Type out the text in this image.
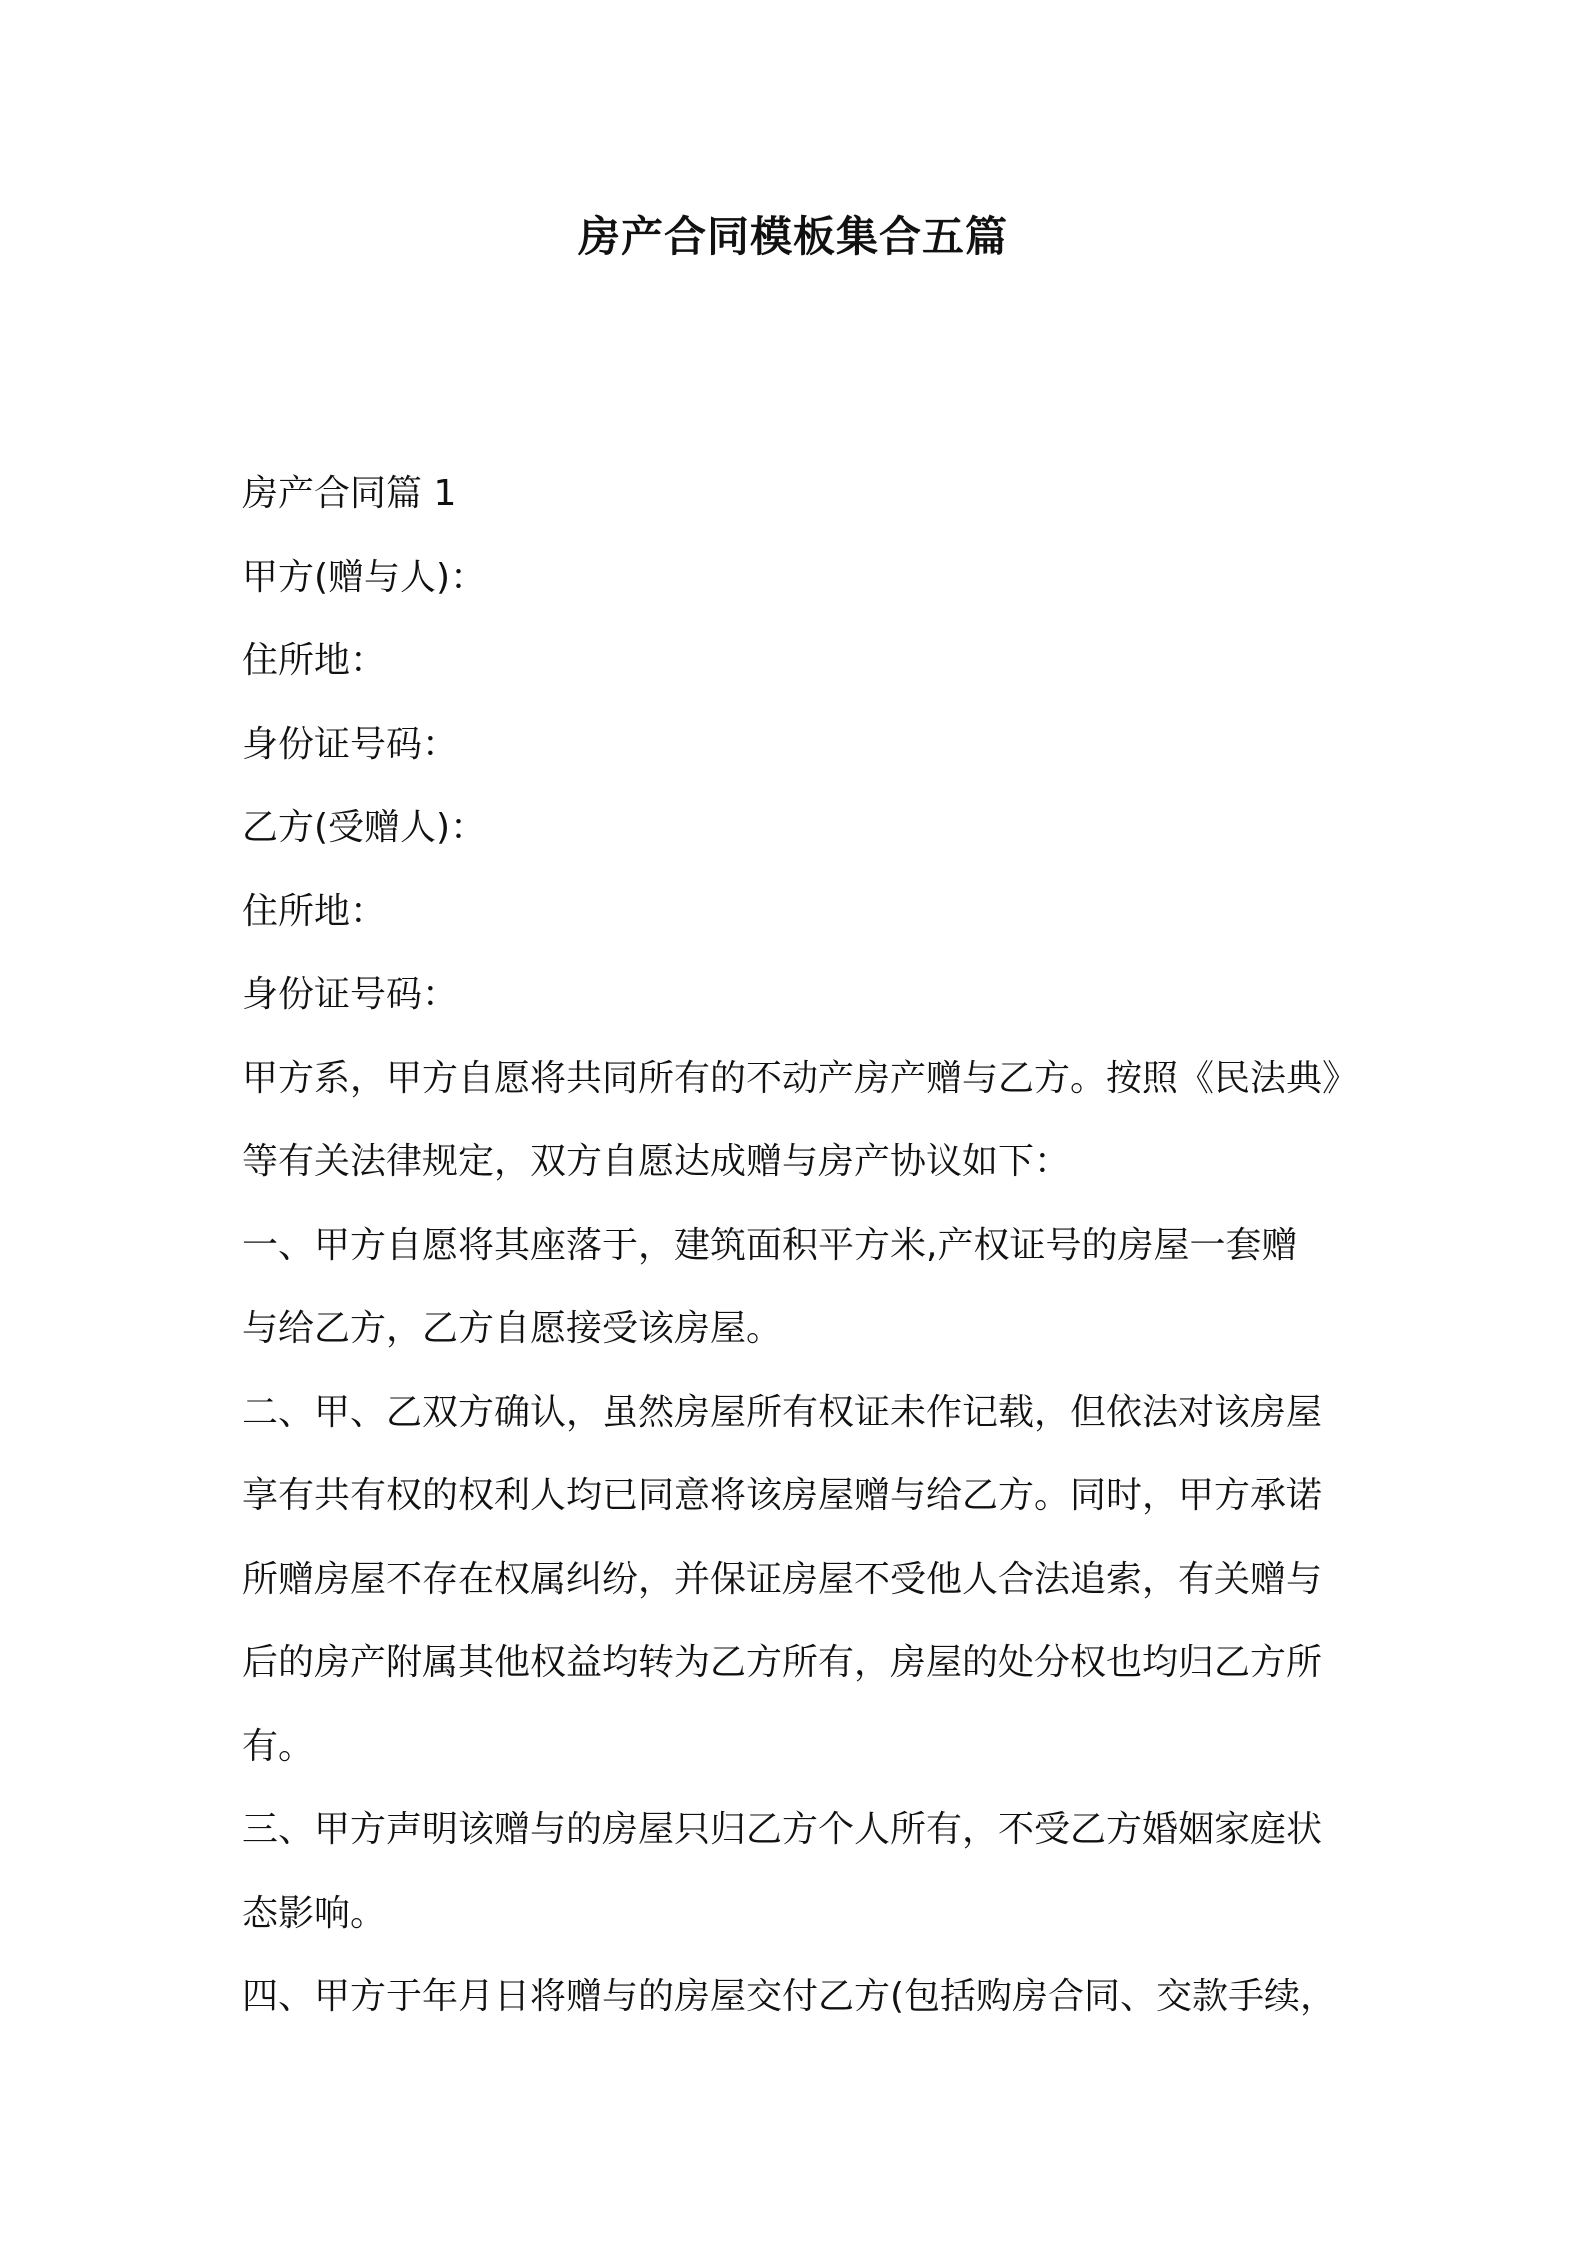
房产合同模板集合五篇

房产合同篇 1

甲方(赠与人)：

住所地：

身份证号码：

乙方(受赠人)：

住所地：

身份证号码：

甲方系，甲方自愿将共同所有的不动产房产赠与乙方。按照《民法典》

等有关法律规定，双方自愿达成赠与房产协议如下：

一、甲方自愿将其座落于，建筑面积平方米,产权证号的房屋一套赠

与给乙方，乙方自愿接受该房屋。

二、甲、乙双方确认，虽然房屋所有权证未作记载，但依法对该房屋

享有共有权的权利人均已同意将该房屋赠与给乙方。同时，甲方承诺

所赠房屋不存在权属纠纷，并保证房屋不受他人合法追索，有关赠与

后的房产附属其他权益均转为乙方所有，房屋的处分权也均归乙方所

有。

三、甲方声明该赠与的房屋只归乙方个人所有，不受乙方婚姻家庭状

态影响。

四、甲方于年月日将赠与的房屋交付乙方(包括购房合同、交款手续，
